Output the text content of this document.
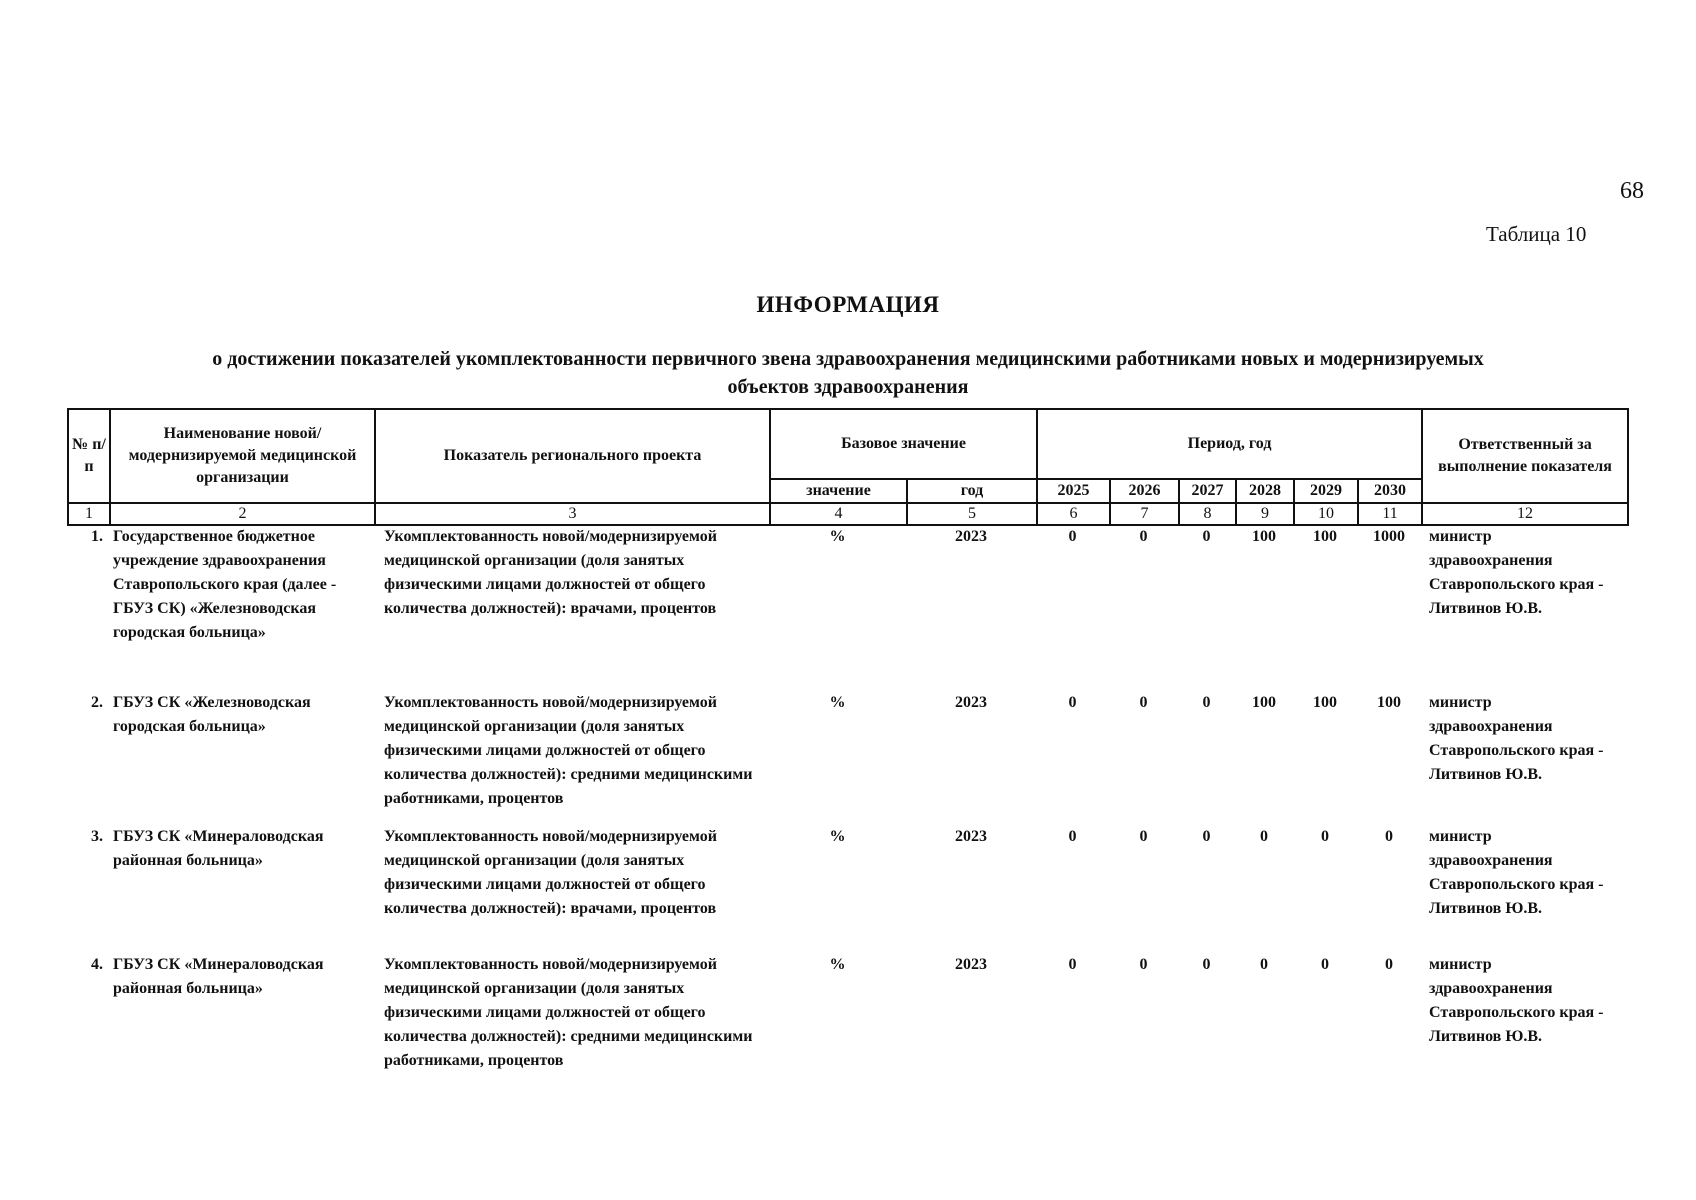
68
Таблица 10
ИНФОРМАЦИЯ
о достижении показателей укомплектованности первичного звена здравоохранения медицинскими работниками новых и модернизируемых
объектов здравоохранения
№ п/п	Наименование новой/модернизируемой медицинской организации	Показатель регионального проекта	Базовое значение		Период, год						Ответственный за выполнение показателя
			значение	год	2025	2026	2027	2028	2029	2030	
1	2	3	4	5	6	7	8	9	10	11	12
1.	Государственное бюджетное учреждение здравоохранения Ставропольского края (далее - ГБУЗ СК) «Железноводская городская больница»	Укомплектованность новой/модернизируемой медицинской организации (доля занятых физическими лицами должностей от общего количества должностей): врачами, процентов	%	2023	0	0	0	100	100	1000	министр
здравоохранения
Ставропольского края -
Литвинов Ю.В.

2.	ГБУЗ СК «Железноводская городская больница»	Укомплектованность новой/модернизируемой медицинской организации (доля занятых физическими лицами должностей от общего количества должностей): средними медицинскими работниками, процентов	%	2023	0	0	0	100	100	100	министр
здравоохранения
Ставропольского края -
Литвинов Ю.В.

3.	ГБУЗ СК «Минераловодская районная больница»	Укомплектованность новой/модернизируемой медицинской организации (доля занятых физическими лицами должностей от общего количества должностей): врачами, процентов	%	2023	0	0	0	0	0	0	министр
здравоохранения
Ставропольского края -
Литвинов Ю.В.

4.	ГБУЗ СК «Минераловодская районная больница»	Укомплектованность новой/модернизируемой медицинской организации (доля занятых физическими лицами должностей от общего количества должностей): средними медицинскими работниками, процентов	%	2023	0	0	0	0	0	0	министр
здравоохранения
Ставропольского края -
Литвинов Ю.В.
